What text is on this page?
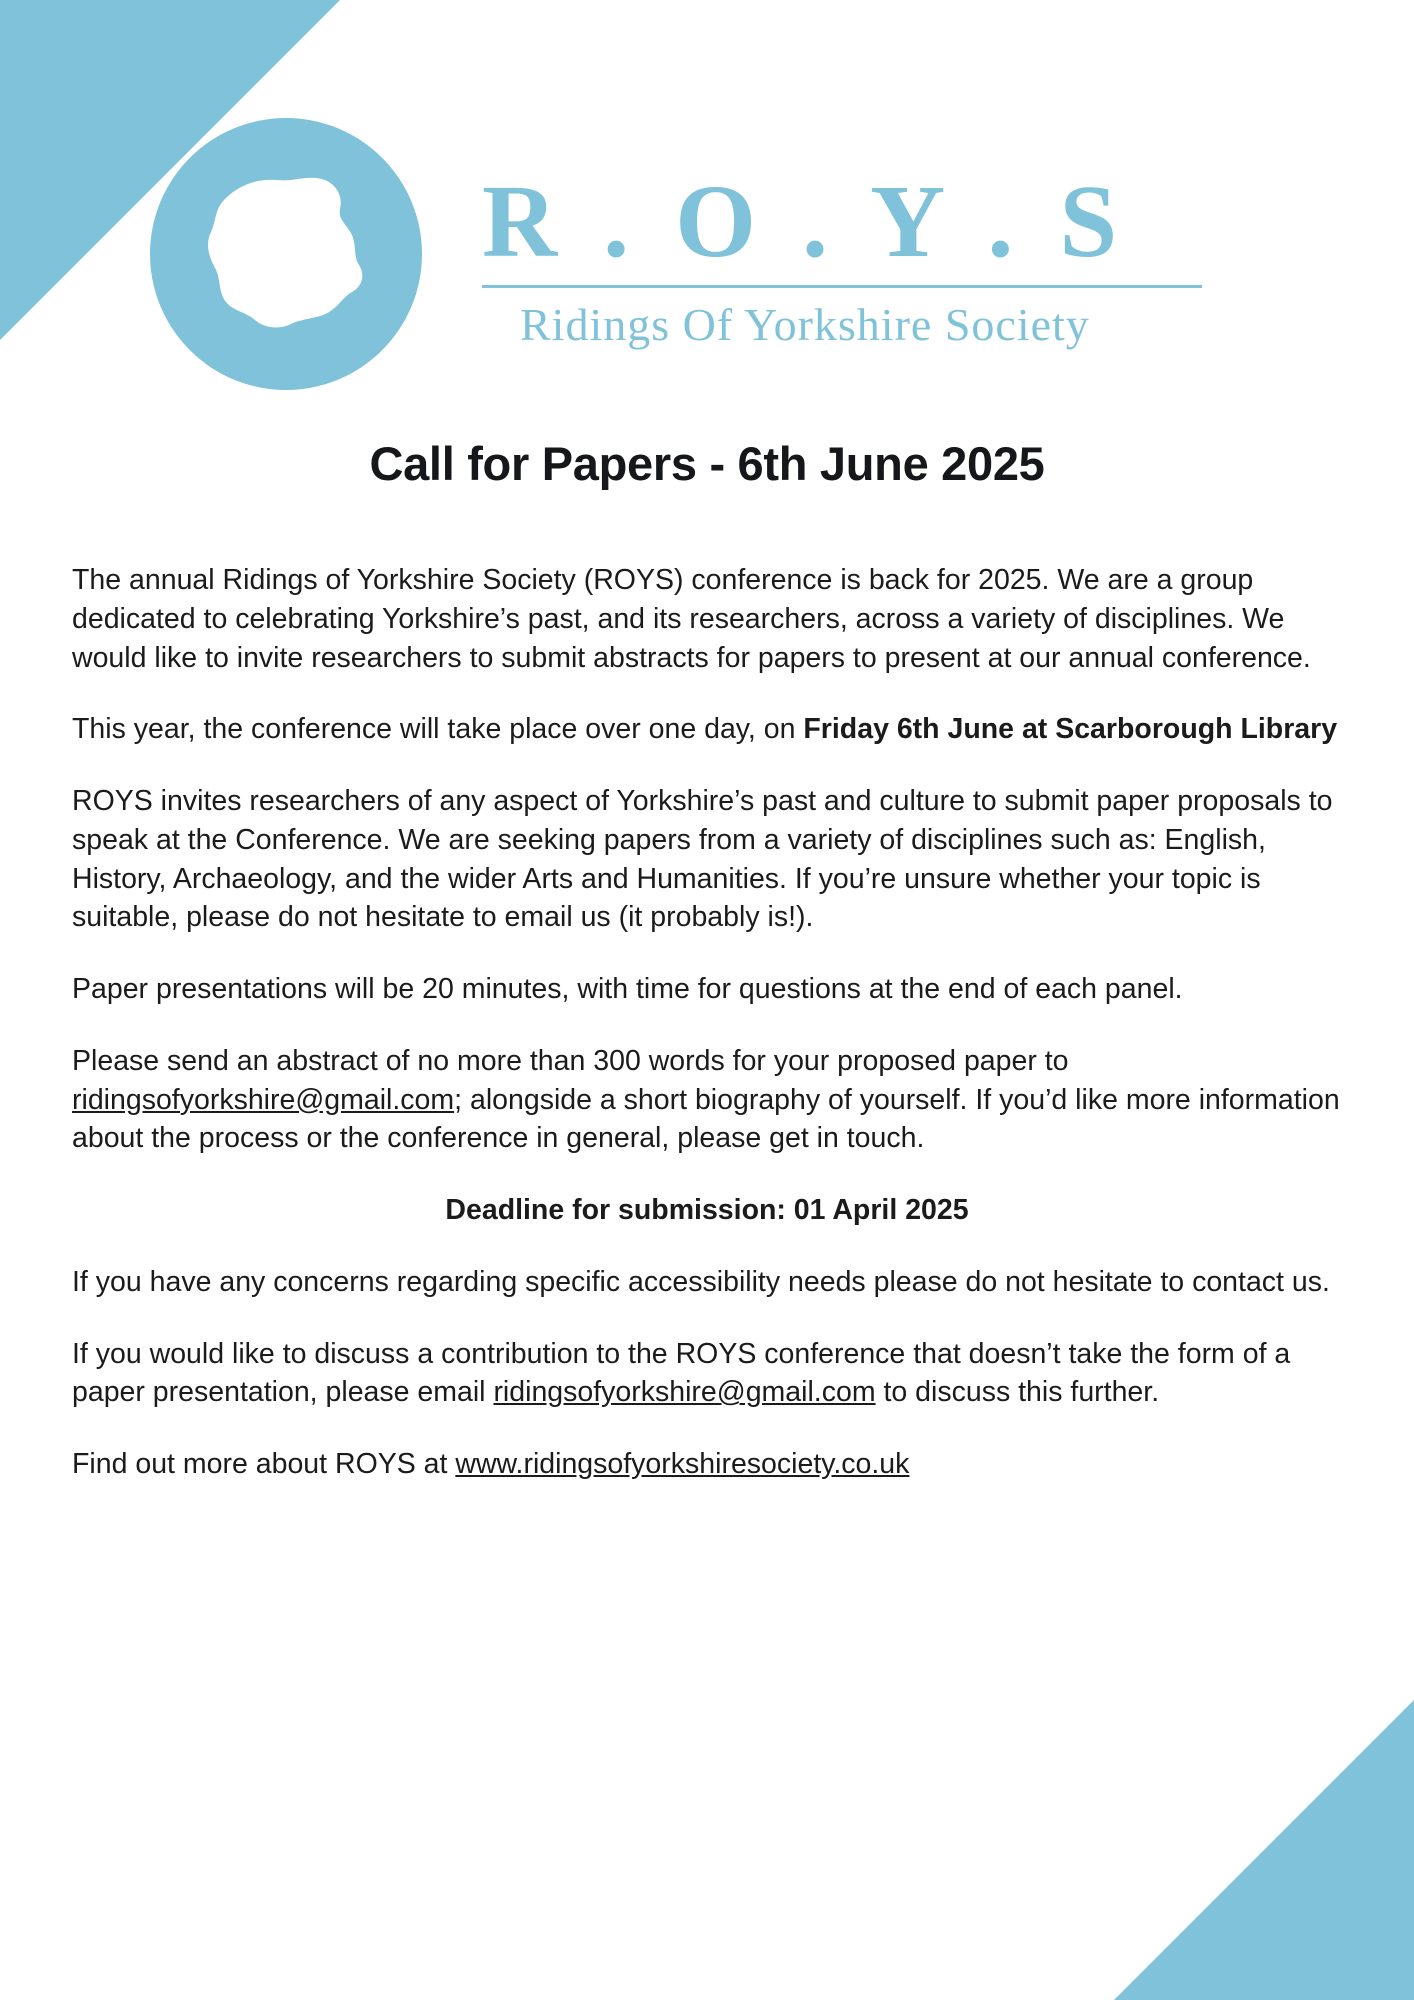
R . O . Y . S
Ridings Of Yorkshire Society
Call for Papers - 6th June 2025

The annual Ridings of Yorkshire Society (ROYS) conference is back for 2025. We are a group dedicated to celebrating Yorkshire’s past, and its researchers, across a variety of disciplines. We would like to invite researchers to submit abstracts for papers to present at our annual conference.

This year, the conference will take place over one day, on Friday 6th June at Scarborough Library

ROYS invites researchers of any aspect of Yorkshire’s past and culture to submit paper proposals to speak at the Conference. We are seeking papers from a variety of disciplines such as: English, History, Archaeology, and the wider Arts and Humanities. If you’re unsure whether your topic is suitable, please do not hesitate to email us (it probably is!).

Paper presentations will be 20 minutes, with time for questions at the end of each panel.

Please send an abstract of no more than 300 words for your proposed paper to ridingsofyorkshire@gmail.com; alongside a short biography of yourself. If you’d like more information about the process or the conference in general, please get in touch.

Deadline for submission: 01 April 2025

If you have any concerns regarding specific accessibility needs please do not hesitate to contact us.

If you would like to discuss a contribution to the ROYS conference that doesn’t take the form of a paper presentation, please email ridingsofyorkshire@gmail.com to discuss this further.

Find out more about ROYS at www.ridingsofyorkshiresociety.co.uk
